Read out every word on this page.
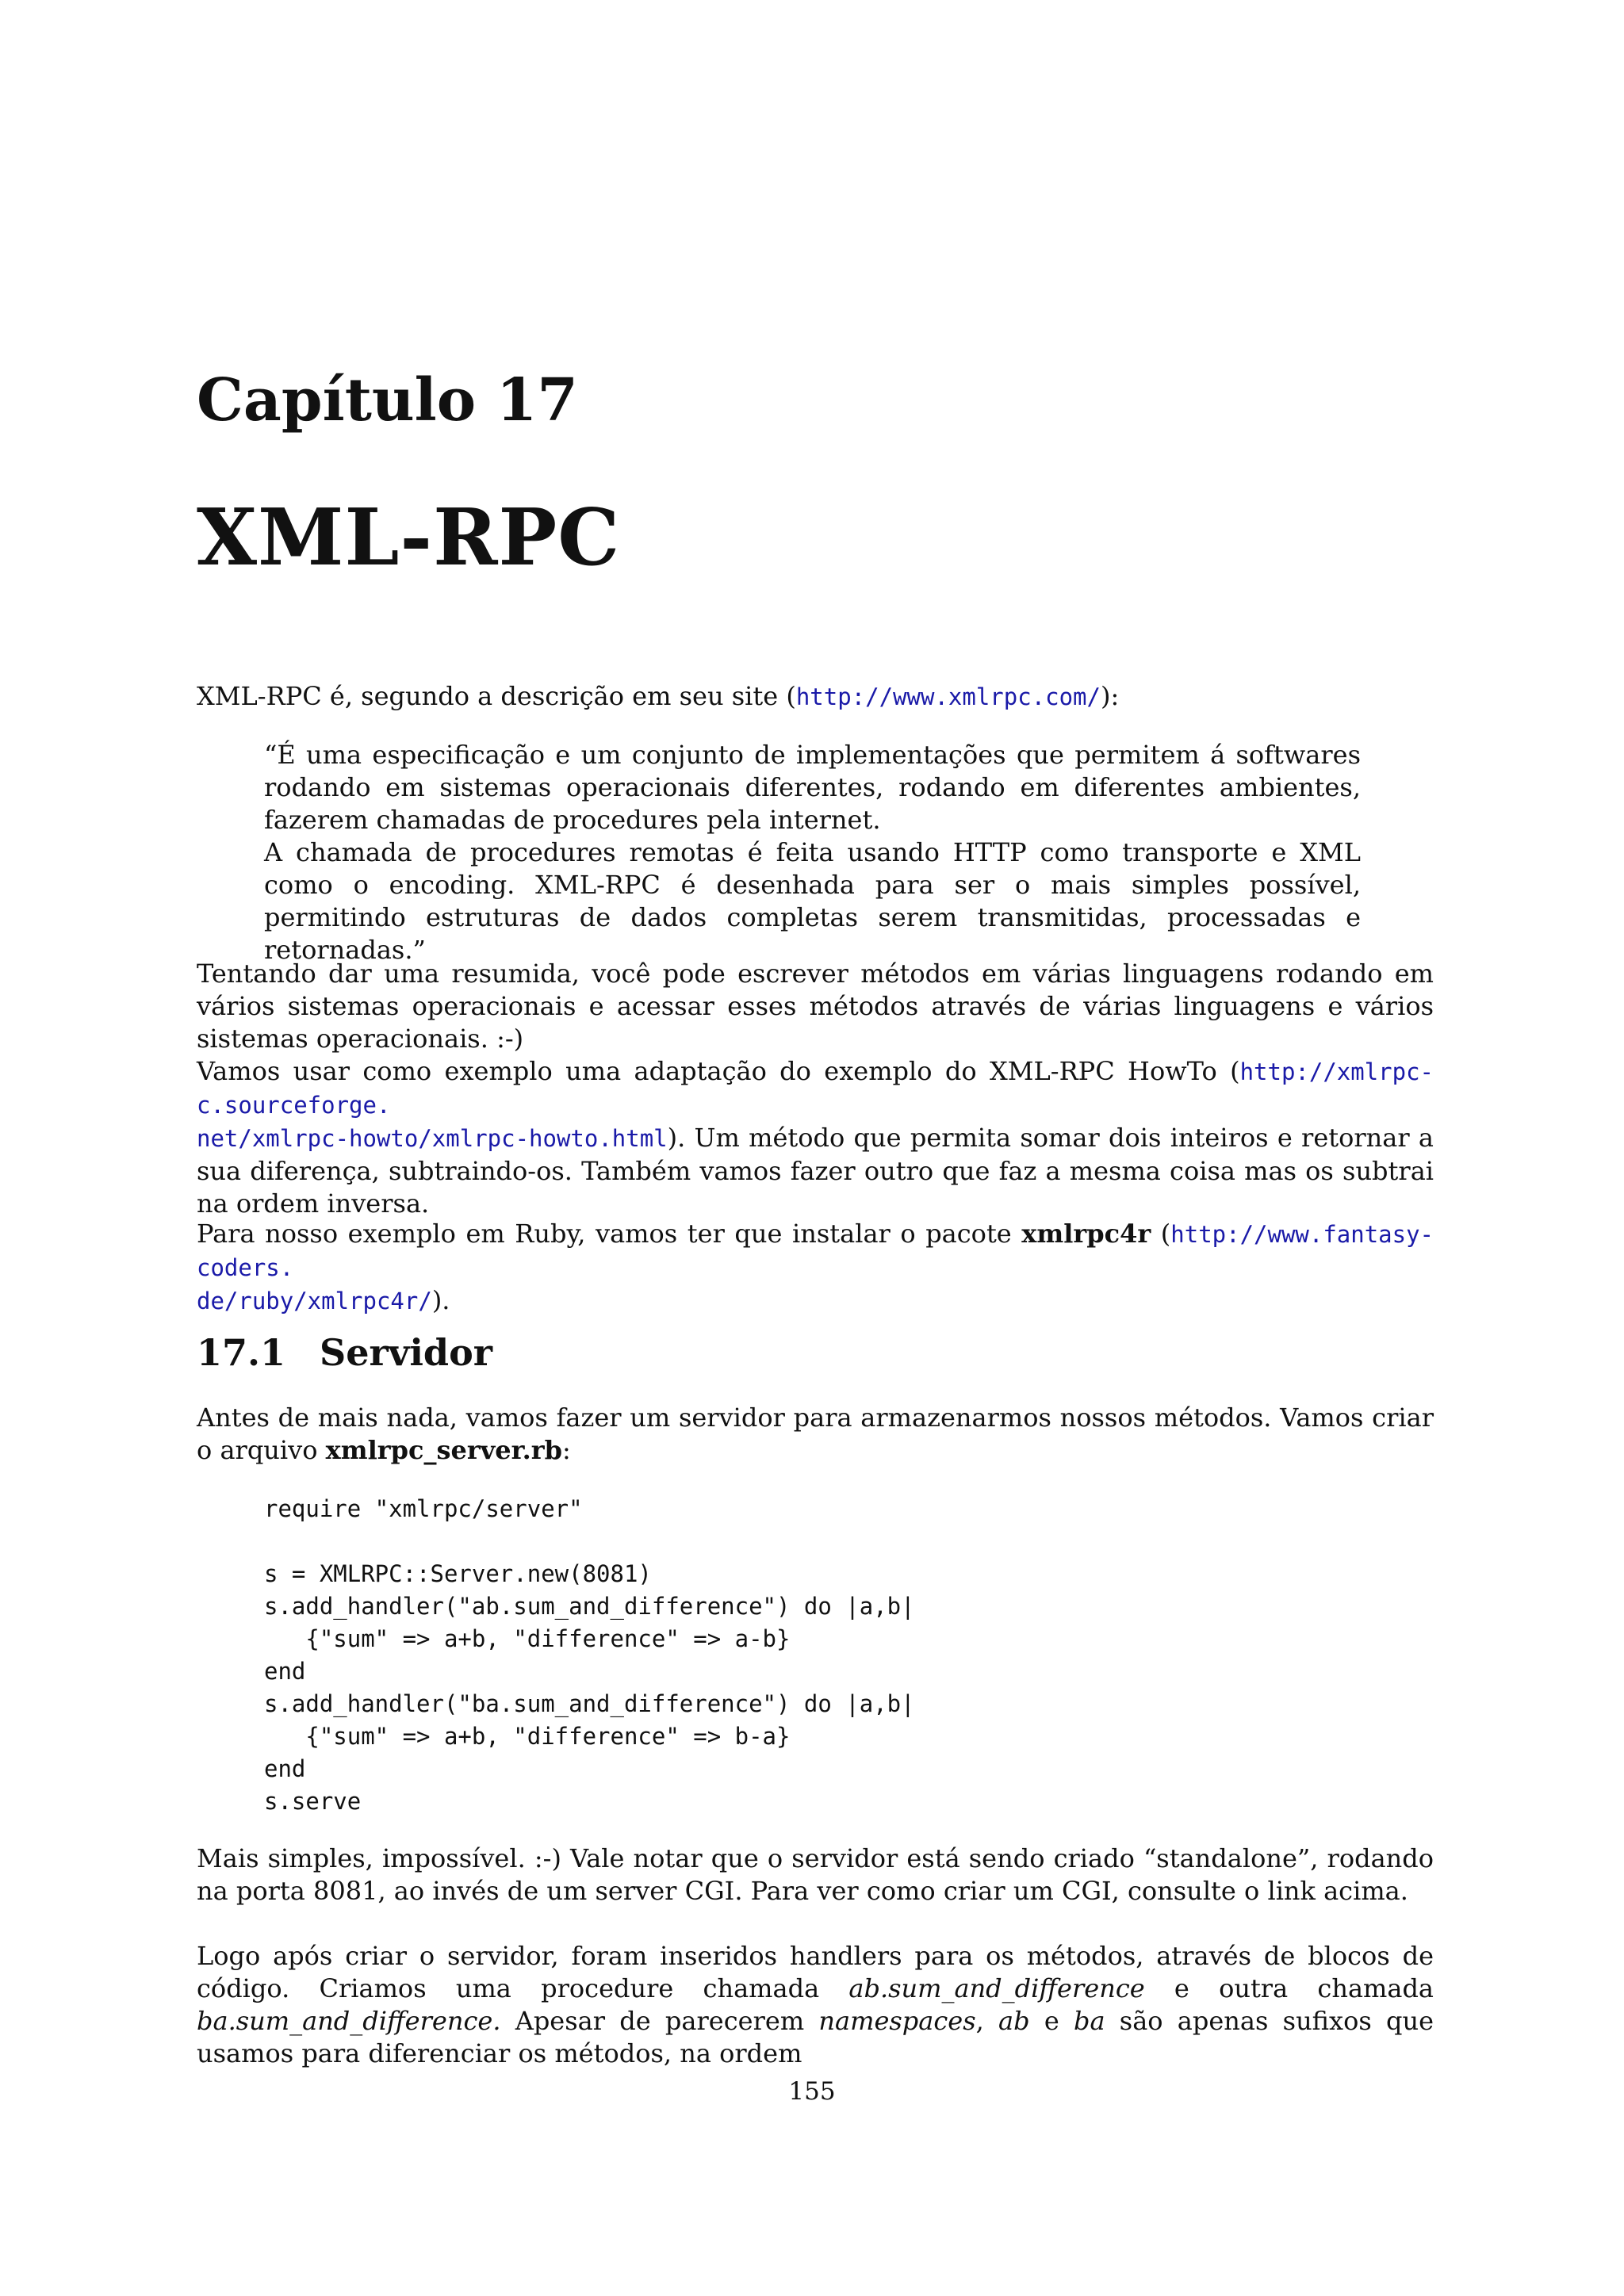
Capítulo 17
XML-RPC

XML-RPC é, segundo a descrição em seu site (http://www.xmlrpc.com/):

“É uma especificação e um conjunto de implementações que permitem á softwares rodando em sistemas operacionais diferentes, rodando em diferentes ambientes, fazerem chamadas de procedures pela internet.

A chamada de procedures remotas é feita usando HTTP como transporte e XML como o encoding. XML-RPC é desenhada para ser o mais simples possível, permitindo estruturas de dados completas serem transmitidas, processadas e retornadas.”

Tentando dar uma resumida, você pode escrever métodos em várias linguagens rodando em vários sistemas operacionais e acessar esses métodos através de várias linguagens e vários sistemas operacionais. :-)

Vamos usar como exemplo uma adaptação do exemplo do XML-RPC HowTo (http://xmlrpc-c.sourceforge.
net/xmlrpc-howto/xmlrpc-howto.html). Um método que permita somar dois inteiros e retornar a sua diferença, subtraindo-os. Também vamos fazer outro que faz a mesma coisa mas os subtrai na ordem inversa.

Para nosso exemplo em Ruby, vamos ter que instalar o pacote xmlrpc4r (http://www.fantasy-coders.
de/ruby/xmlrpc4r/).

17.1 Servidor

Antes de mais nada, vamos fazer um servidor para armazenarmos nossos métodos. Vamos criar o arquivo xmlrpc_server.rb:

require "xmlrpc/server"

s = XMLRPC::Server.new(8081)
s.add_handler("ab.sum_and_difference") do |a,b|
{"sum" => a+b, "difference" => a-b}
end
s.add_handler("ba.sum_and_difference") do |a,b|
{"sum" => a+b, "difference" => b-a}
end
s.serve

Mais simples, impossível. :-) Vale notar que o servidor está sendo criado “standalone”, rodando na porta 8081, ao invés de um server CGI. Para ver como criar um CGI, consulte o link acima.

Logo após criar o servidor, foram inseridos handlers para os métodos, através de blocos de código. Criamos uma procedure chamada ab.sum_and_difference e outra chamada ba.sum_and_difference. Apesar de parecerem namespaces, ab e ba são apenas sufixos que usamos para diferenciar os métodos, na ordem

155
